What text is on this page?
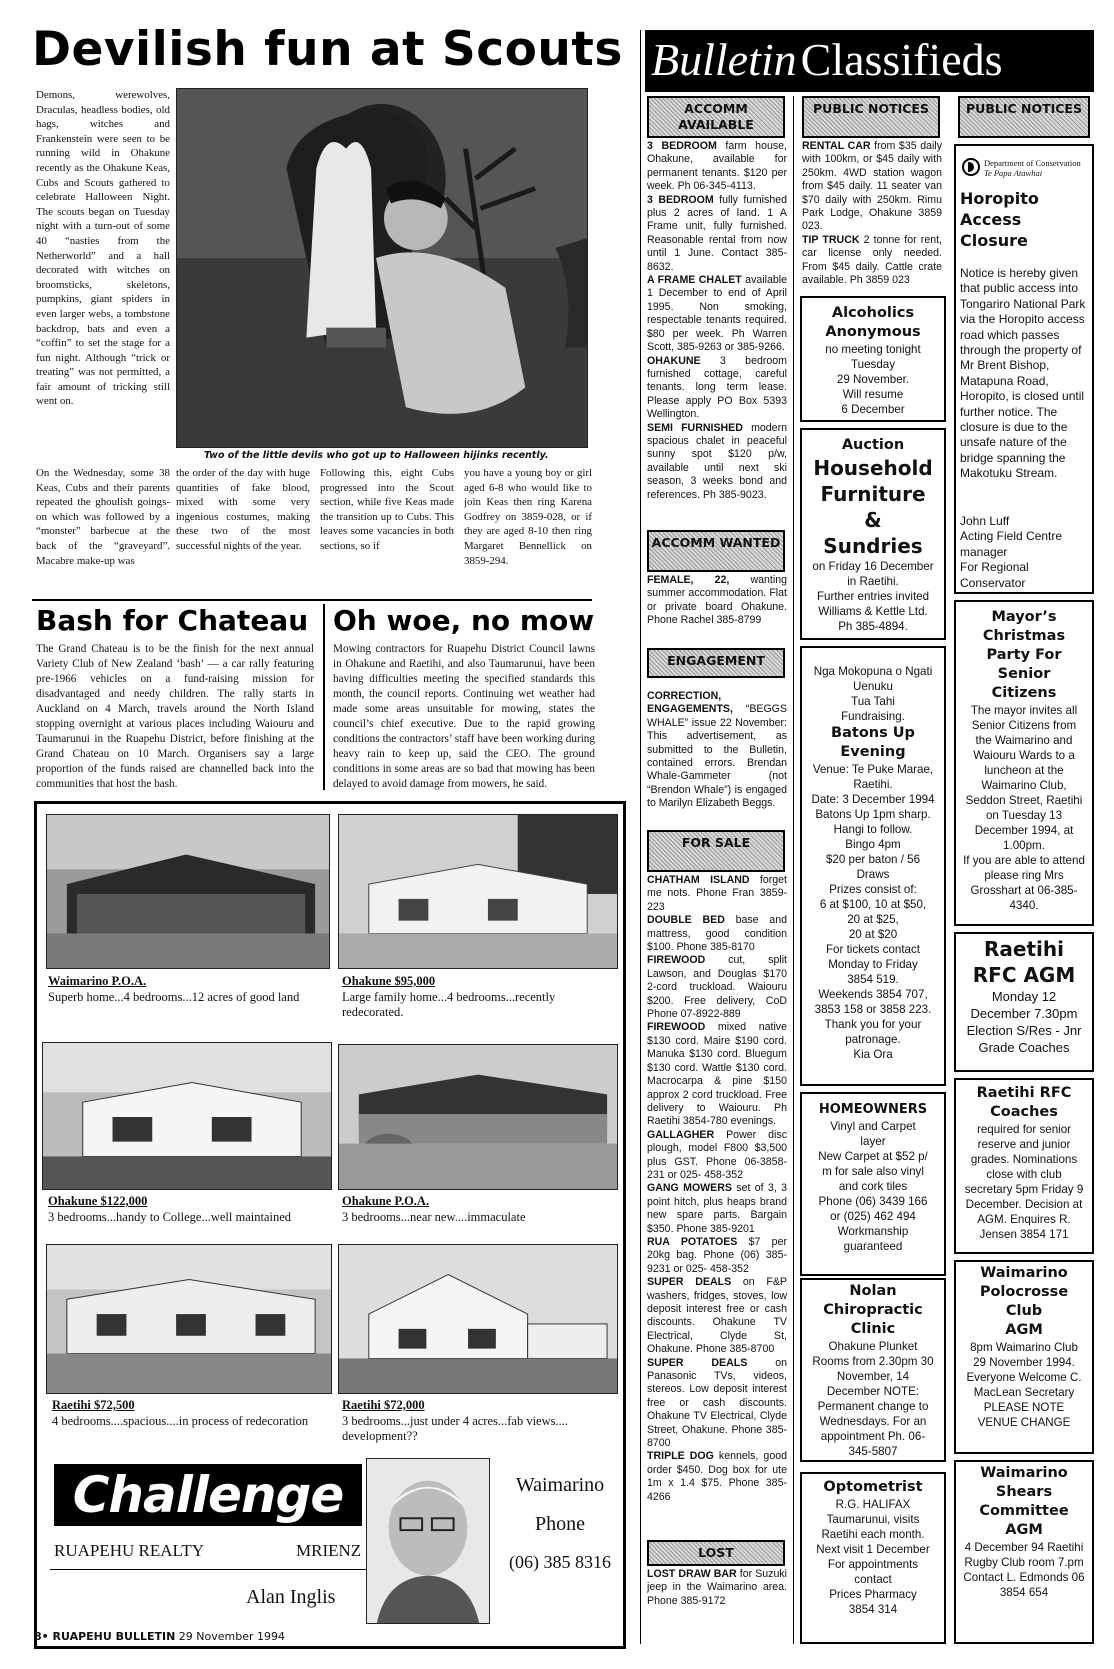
Devilish fun at Scouts
Demons, werewolves, Draculas, headless bodies, old hags, witches and Frankenstein were seen to be running wild in Ohakune recently as the Ohakune Keas, Cubs and Scouts gathered to celebrate Halloween Night. The scouts began on Tuesday night with a turn-out of some 40 “nasties from the Netherworld” and a hall decorated with witches on broomsticks, skeletons, pumpkins, giant spiders in even larger webs, a tombstone backdrop, bats and even a “coffin” to set the stage for a fun night. Although “trick or treating” was not permitted, a fair amount of tricking still went on.
Two of the little devils who got up to Halloween hijinks recently.
On the Wednesday, some 38 Keas, Cubs and their parents repeated the ghoulish goings-on which was followed by a “monster” barbecue at the back of the “graveyard”. Macabre make-up was
the order of the day with huge quantities of fake blood, mixed with some very ingenious costumes, making these two of the most successful nights of the year.
Following this, eight Cubs progressed into the Scout section, while five Keas made the transition up to Cubs. This leaves some vacancies in both sections, so if
you have a young boy or girl aged 6-8 who would like to join Keas then ring Karena Godfrey on 3859-028, or if they are aged 8-10 then ring Margaret Bennellick on 3859-294.
Bash for Chateau
The Grand Chateau is to be the finish for the next annual Variety Club of New Zealand ‘bash’ — a car rally featuring pre-1966 vehicles on a fund-raising mission for disadvantaged and needy children. The rally starts in Auckland on 4 March, travels around the North Island stopping overnight at various places including Waiouru and Taumarunui in the Ruapehu District, before finishing at the Grand Chateau on 10 March. Organisers say a large proportion of the funds raised are channelled back into the communities that host the bash.
Oh woe, no mow
Mowing contractors for Ruapehu District Council lawns in Ohakune and Raetihi, and also Taumarunui, have been having difficulties meeting the specified standards this month, the council reports. Continuing wet weather had made some areas unsuitable for mowing, states the council’s chief executive. Due to the rapid growing conditions the contractors’ staff have been working during heavy rain to keep up, said the CEO. The ground conditions in some areas are so bad that mowing has been delayed to avoid damage from mowers, he said.
Waimarino P.O.A.
Superb home...4 bedrooms...12 acres of good land
Ohakune $95,000
Large family home...4 bedrooms...recently redecorated.
Ohakune $122,000
3 bedrooms...handy to College...well maintained
Ohakune P.O.A.
3 bedrooms...near new....immaculate
Raetihi $72,500
4 bedrooms....spacious....in process of redecoration
Raetihi $72,000
3 bedrooms...just under 4 acres...fab views.... development??
Challenge
RUAPEHU REALTY	MRIENZ
Alan Inglis
Waimarino
Phone
(06) 385 8316
8• RUAPEHU BULLETIN 29 November 1994
Bulletin Classifieds
ACCOMM AVAILABLE
3 BEDROOM farm house, Ohakune, available for permanent tenants. $120 per week. Ph 06-345-4113.
3 BEDROOM fully furnished plus 2 acres of land. 1 A Frame unit, fully furnished. Reasonable rental from now until 1 June. Contact 385-8632.
A FRAME CHALET available 1 December to end of April 1995. Non smoking, respectable tenants required. $80 per week. Ph Warren Scott, 385-9263 or 385-9266.
OHAKUNE 3 bedroom furnished cottage, careful tenants. long term lease. Please apply PO Box 5393 Wellington.
SEMI FURNISHED modern spacious chalet in peaceful sunny spot $120 p/w, available until next ski season, 3 weeks bond and references. Ph 385-9023.
ACCOMM WANTED
FEMALE, 22, wanting summer accommodation. Flat or private board Ohakune. Phone Rachel 385-8799
ENGAGEMENT
CORRECTION, ENGAGEMENTS, “BEGGS WHALE” issue 22 November: This advertisement, as submitted to the Bulletin, contained errors. Brendan Whale-Gammeter (not “Brendon Whale”) is engaged to Marilyn Elizabeth Beggs.
FOR SALE
CHATHAM ISLAND forget me nots. Phone Fran 3859-223
DOUBLE BED base and mattress, good condition $100. Phone 385-8170
FIREWOOD cut, split Lawson, and Douglas $170 2-cord truckload. Waiouru $200. Free delivery, CoD Phone 07-8922-889
FIREWOOD mixed native $130 cord. Maire $190 cord. Manuka $130 cord. Bluegum $130 cord. Wattle $130 cord. Macrocarpa & pine $150 approx 2 cord truckload. Free delivery to Waiouru. Ph Raetihi 3854-780 evenings.
GALLAGHER Power disc plough, model F800 $3,500 plus GST. Phone 06-3858-231 or 025- 458-352
GANG MOWERS set of 3, 3 point hitch, plus heaps brand new spare parts. Bargain $350. Phone 385-9201
RUA POTATOES $7 per 20kg bag. Phone (06) 385-9231 or 025- 458-352
SUPER DEALS on F&P washers, fridges, stoves, low deposit interest free or cash discounts. Ohakune TV Electrical, Clyde St, Ohakune. Phone 385-8700
SUPER DEALS on Panasonic TVs, videos, stereos. Low deposit interest free or cash discounts. Ohakune TV Electrical, Clyde Street, Ohakune. Phone 385-8700
TRIPLE DOG kennels, good order $450. Dog box for ute 1m x 1.4 $75. Phone 385-4266
LOST
LOST DRAW BAR for Suzuki jeep in the Waimarino area. Phone 385-9172
PUBLIC NOTICES
RENTAL CAR from $35 daily with 100km, or $45 daily with 250km. 4WD station wagon from $45 daily. 11 seater van $70 daily with 250km. Rimu Park Lodge, Ohakune 3859 023.
TIP TRUCK 2 tonne for rent, car license only needed. From $45 daily. Cattle crate available. Ph 3859 023
Alcoholics Anonymous
no meeting tonight
Tuesday
29 November.
Will resume
6 December
Auction
Household
Furniture
&
Sundries
on Friday 16 December
in Raetihi.
Further entries invited
Williams & Kettle Ltd.
Ph 385-4894.
Nga Mokopuna o Ngati
Uenuku
Tua Tahi
Fundraising.
Batons Up
Evening
Venue: Te Puke Marae,
Raetihi.
Date: 3 December 1994
Batons Up 1pm sharp.
Hangi to follow.
Bingo 4pm
$20 per baton / 56
Draws
Prizes consist of:
6 at $100, 10 at $50,
20 at $25,
20 at $20
For tickets contact
Monday to Friday
3854 519.
Weekends 3854 707,
3853 158 or 3858 223.
Thank you for your
patronage.
Kia Ora
HOMEOWNERS
Vinyl and Carpet
layer
New Carpet at $52 p/
m for sale also vinyl
and cork tiles
Phone (06) 3439 166
or (025) 462 494
Workmanship
guaranteed
Nolan
Chiropractic
Clinic
Ohakune Plunket
Rooms from 2.30pm 30
November, 14
December NOTE:
Permanent change to
Wednesdays. For an
appointment Ph. 06-
345-5807
Optometrist
R.G. HALIFAX
Taumarunui, visits
Raetihi each month.
Next visit 1 December
For appointments
contact
Prices Pharmacy
3854 314
PUBLIC NOTICES
Department of Conservation
Te Papa Atawhai
Horopito
Access
Closure
Notice is hereby given that public access into Tongariro National Park via the Horopito access road which passes through the property of Mr Brent Bishop, Matapuna Road, Horopito, is closed until further notice. The closure is due to the unsafe nature of the bridge spanning the Makotuku Stream.
John Luff
Acting Field Centre
manager
For Regional
Conservator
Mayor’s
Christmas
Party For
Senior
Citizens
The mayor invites all
Senior Citizens from
the Waimarino and
Waiouru Wards to a
luncheon at the
Waimarino Club,
Seddon Street, Raetihi
on Tuesday 13
December 1994, at
1.00pm.
If you are able to attend
please ring Mrs
Grosshart at 06-385-
4340.
Raetihi
RFC AGM
Monday 12
December 7.30pm
Election S/Res - Jnr
Grade Coaches
Raetihi RFC
Coaches
required for senior
reserve and junior
grades. Nominations
close with club
secretary 5pm Friday 9
December. Decision at
AGM. Enquires R.
Jensen 3854 171
Waimarino
Polocrosse
Club
AGM
8pm Waimarino Club
29 November 1994.
Everyone Welcome C.
MacLean Secretary
PLEASE NOTE
VENUE CHANGE
Waimarino
Shears
Committee
AGM
4 December 94 Raetihi
Rugby Club room 7.pm
Contact L. Edmonds 06
3854 654
